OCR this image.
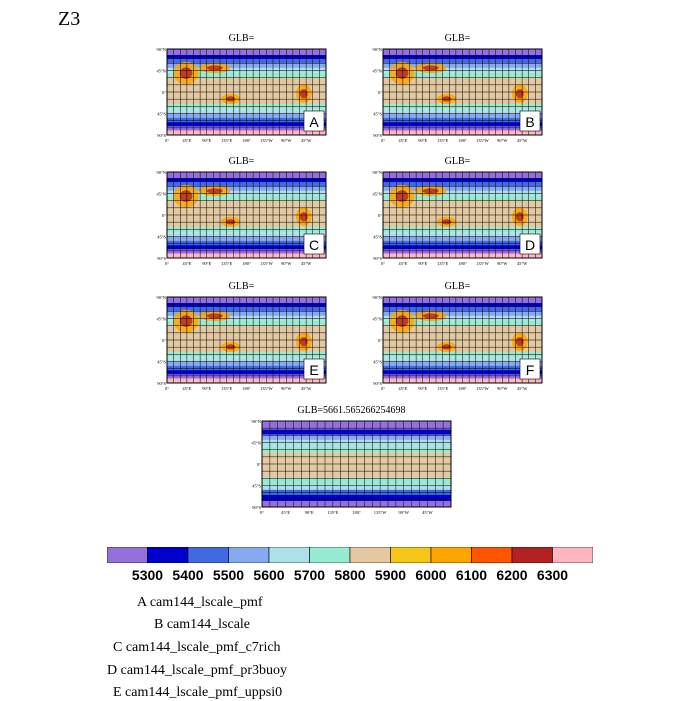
Z3
GLB=
90°N
45°N
0°
45°S
90°S
0°	45°E 90°E 135°E 180° 135°W 90°W 45°W
A
GLB=
90°N
45°N
0°
45°S
90°S
0°	45°E 90°E 135°E 180° 135°W 90°W 45°W
B
GLB=
90°N
45°N
0°
45°S
90°S
0°	45°E 90°E 135°E 180° 135°W 90°W 45°W
C
GLB=
90°N
45°N
0°
45°S
90°S
0°	45°E 90°E 135°E 180° 135°W 90°W 45°W
D
GLB=
90°N
45°N
0°
45°S
90°S
0°	45°E 90°E 135°E 180° 135°W 90°W 45°W
E
GLB=
90°N
45°N
0°
45°S
90°S
0°	45°E 90°E 135°E 180° 135°W 90°W 45°W
F
GLB=5661.565266254698
90°N
45°N
0°
45°S
90°S
0°	45°E	90°E	135°E	180°	135°W	90°W	45°W
5300 5400 5500 5600 5700 5800 5900 6000 6100 6200 6300
A cam144_lscale_pmf
B cam144_lscale
C cam144_lscale_pmf_c7rich
D cam144_lscale_pmf_pr3buoy
E cam144_lscale_pmf_uppsi0
